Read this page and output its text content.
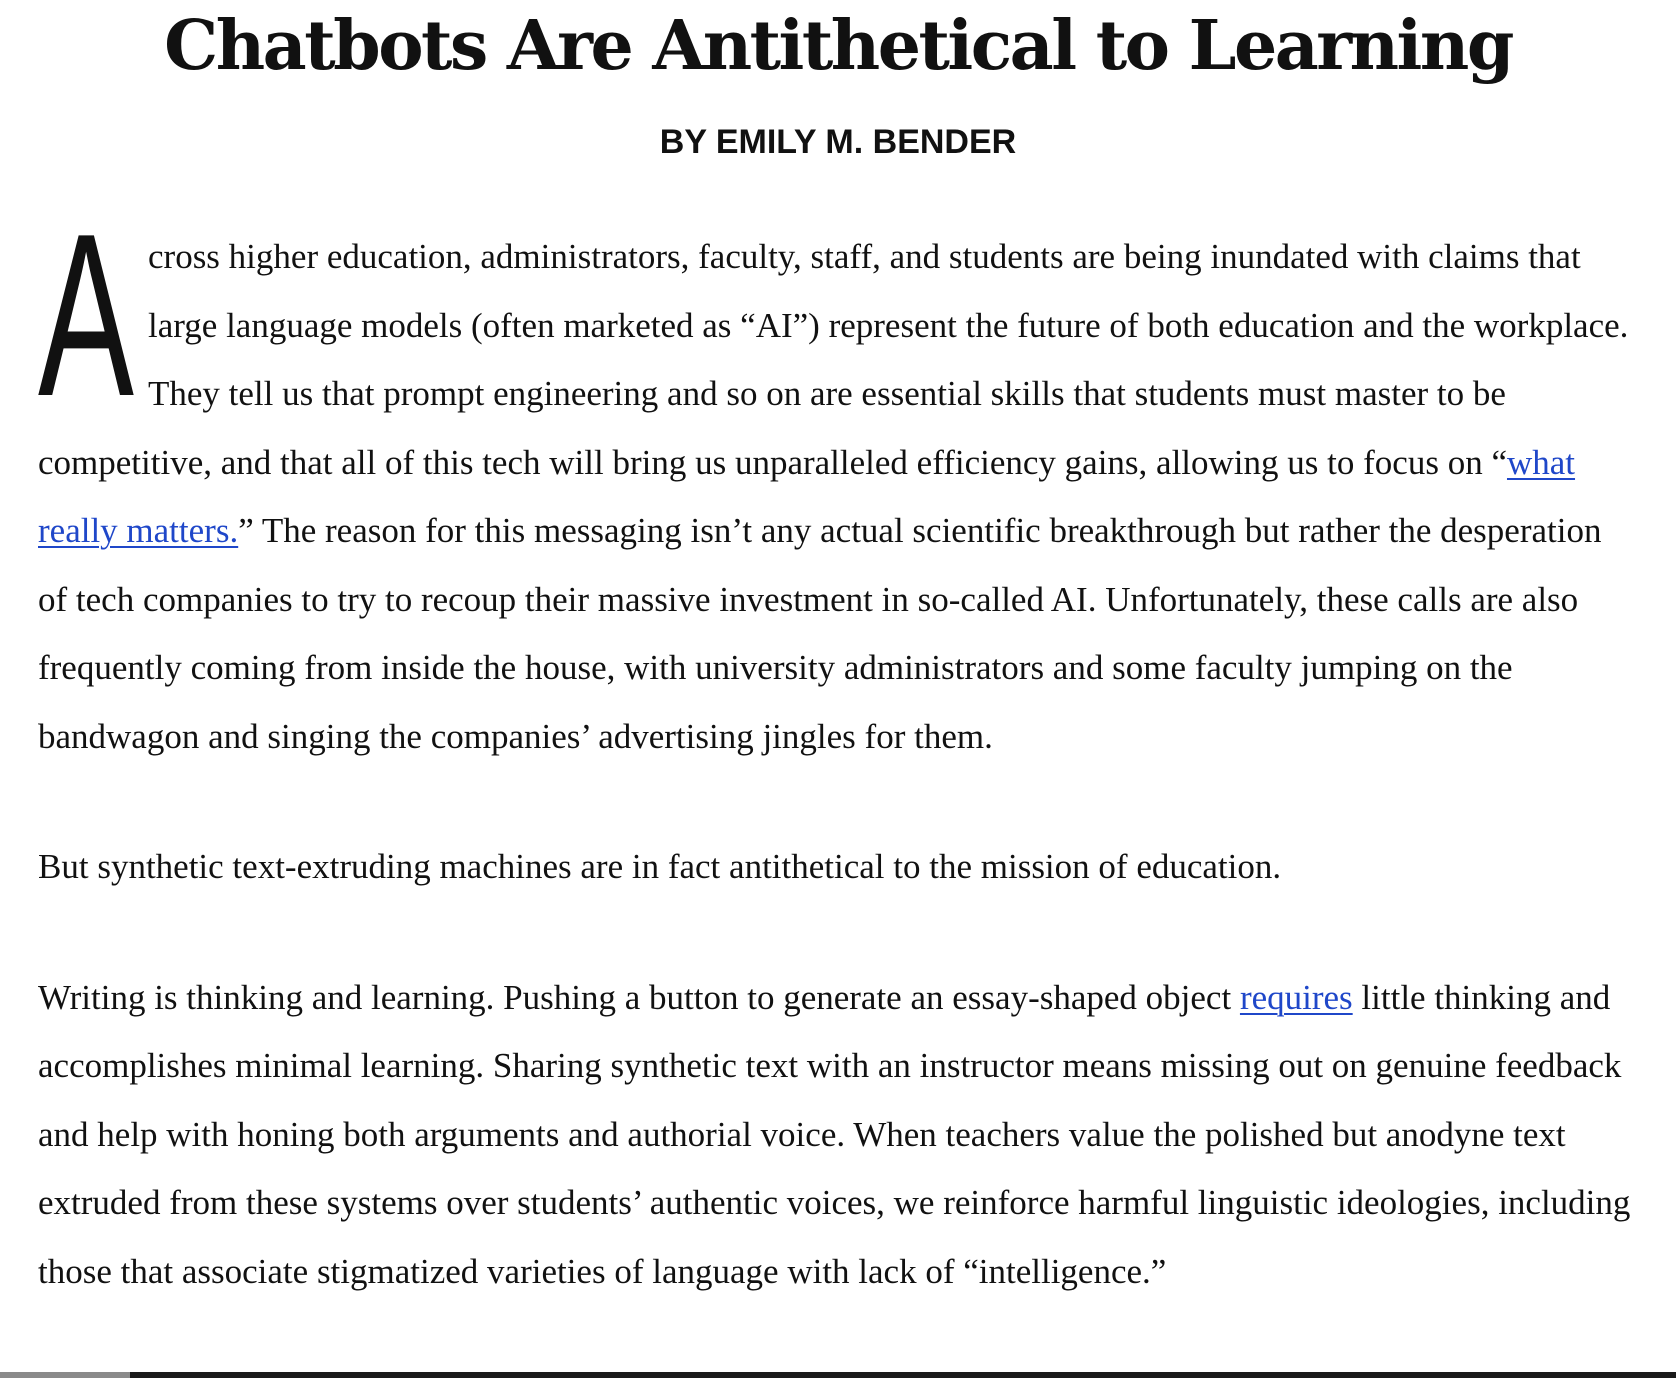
Chatbots Are Antithetical to Learning
BY EMILY M. BENDER

Across higher education, administrators, faculty, staff, and students are being inundated with claims that large language models (often marketed as “AI”) represent the future of both education and the workplace. They tell us that prompt engineering and so on are essential skills that students must master to be competitive, and that all of this tech will bring us unparalleled efficiency gains, allowing us to focus on “what really matters.” The reason for this messaging isn’t any actual scientific breakthrough but rather the desperation of tech companies to try to recoup their massive investment in so-called AI. Unfortunately, these calls are also frequently coming from inside the house, with university administrators and some faculty jumping on the bandwagon and singing the companies’ advertising jingles for them.

But synthetic text-extruding machines are in fact antithetical to the mission of education.

Writing is thinking and learning. Pushing a button to generate an essay-shaped object requires little thinking and accomplishes minimal learning. Sharing synthetic text with an instructor means missing out on genuine feedback and help with honing both arguments and authorial voice. When teachers value the polished but anodyne text extruded from these systems over students’ authentic voices, we reinforce harmful linguistic ideologies, including those that associate stigmatized varieties of language with lack of “intelligence.”
